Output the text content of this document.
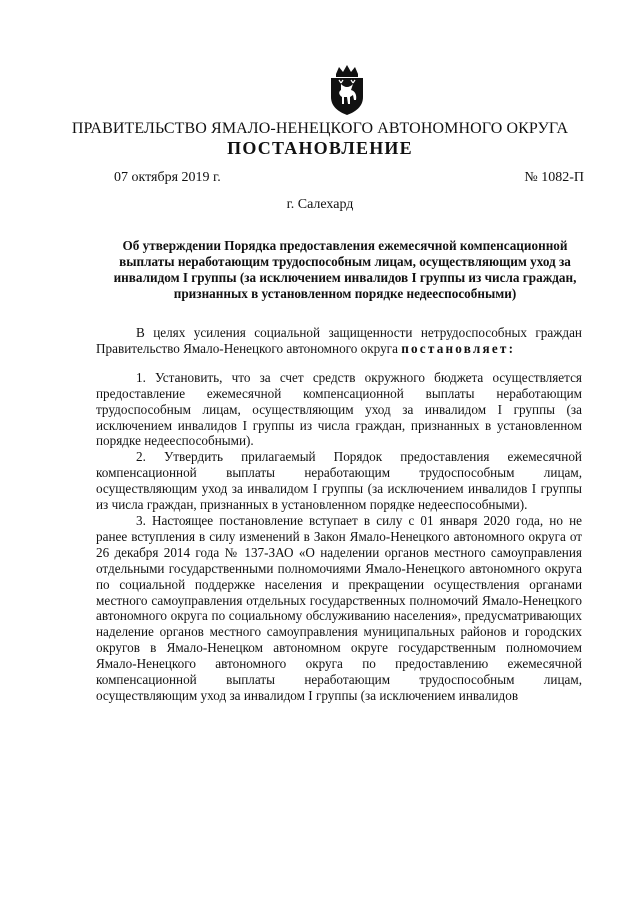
ПРАВИТЕЛЬСТВО ЯМАЛО-НЕНЕЦКОГО АВТОНОМНОГО ОКРУГА
ПОСТАНОВЛЕНИЕ
07 октября 2019 г.	№ 1082-П
г. Салехард
Об утверждении Порядка предоставления ежемесячной компенсационной выплаты неработающим трудоспособным лицам, осуществляющим уход за инвалидом I группы (за исключением инвалидов I группы из числа граждан, признанных в установленном порядке недееспособными)

В целях усиления социальной защищенности нетрудоспособных граждан Правительство Ямало-Ненецкого автономного округа постановляет:

1. Установить, что за счет средств окружного бюджета осуществляется предоставление ежемесячной компенсационной выплаты неработающим трудоспособным лицам, осуществляющим уход за инвалидом I группы (за исключением инвалидов I группы из числа граждан, признанных в установленном порядке недееспособными).

2. Утвердить прилагаемый Порядок предоставления ежемесячной компенсационной выплаты неработающим трудоспособным лицам, осуществляющим уход за инвалидом I группы (за исключением инвалидов I группы из числа граждан, признанных в установленном порядке недееспособными).

3. Настоящее постановление вступает в силу с 01 января 2020 года, но не ранее вступления в силу изменений в Закон Ямало-Ненецкого автономного округа от 26 декабря 2014 года № 137-ЗАО «О наделении органов местного самоуправления отдельными государственными полномочиями Ямало-Ненецкого автономного округа по социальной поддержке населения и прекращении осуществления органами местного самоуправления отдельных государственных полномочий Ямало-Ненецкого автономного округа по социальному обслуживанию населения», предусматривающих наделение органов местного самоуправления муниципальных районов и городских округов в Ямало-Ненецком автономном округе государственным полномочием Ямало-Ненецкого автономного округа по предоставлению ежемесячной компенсационной выплаты неработающим трудоспособным лицам, осуществляющим уход за инвалидом I группы (за исключением инвалидов
